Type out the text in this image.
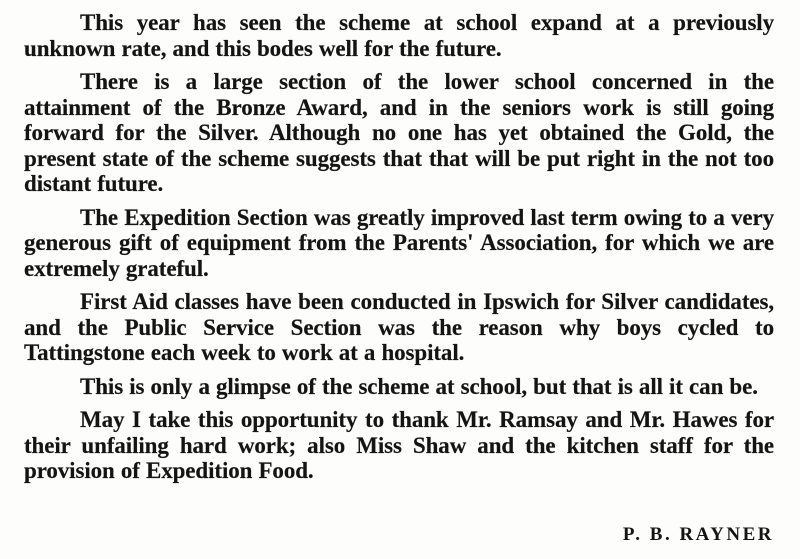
This year has seen the scheme at school expand at a previously unknown rate, and this bodes well for the future.

There is a large section of the lower school concerned in the attainment of the Bronze Award, and in the seniors work is still going forward for the Silver. Although no one has yet obtained the Gold, the present state of the scheme suggests that that will be put right in the not too distant future.

The Expedition Section was greatly improved last term owing to a very generous gift of equipment from the Parents' Association, for which we are extremely grateful.

First Aid classes have been conducted in Ipswich for Silver candidates, and the Public Service Section was the reason why boys cycled to Tattingstone each week to work at a hospital.

This is only a glimpse of the scheme at school, but that is all it can be.

May I take this opportunity to thank Mr. Ramsay and Mr. Hawes for their unfailing hard work; also Miss Shaw and the kitchen staff for the provision of Expedition Food.

P. B. RAYNER
